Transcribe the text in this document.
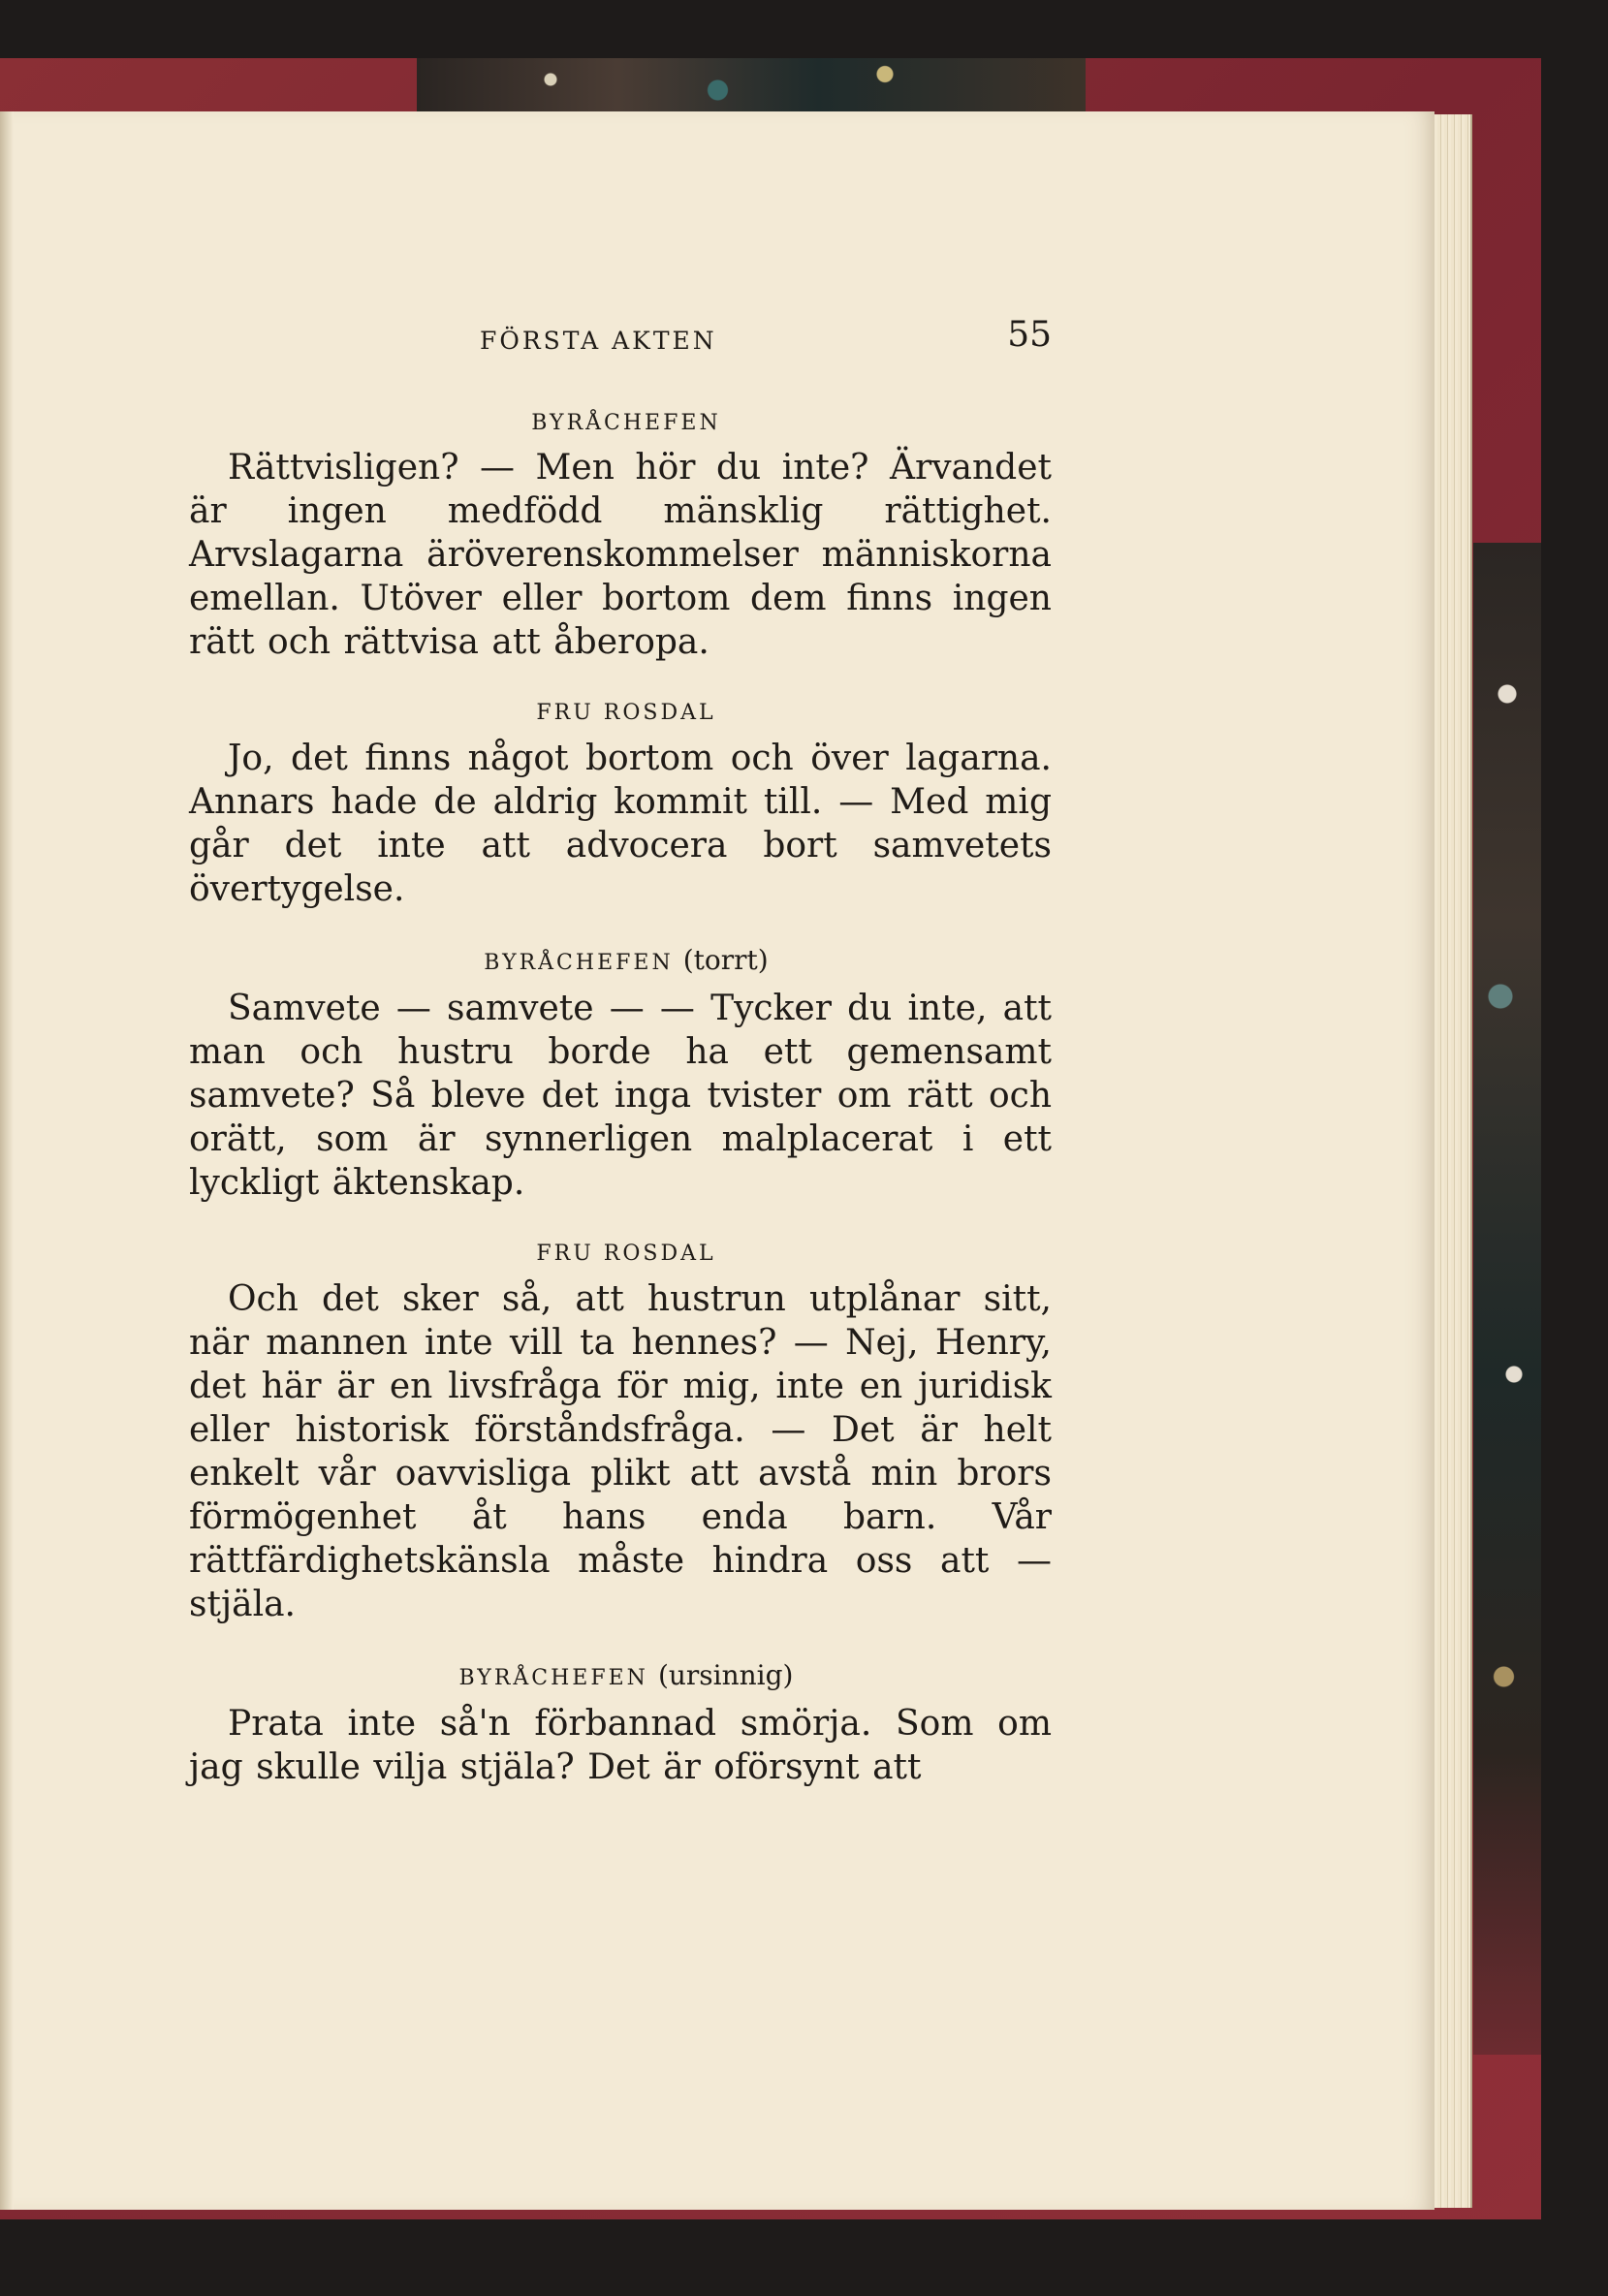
FÖRSTA AKTEN	55

BYRÅCHEFEN

Rättvisligen? — Men hör du inte? Ärvandet är ingen medfödd mänsklig rättighet. Arvslagarna äröverenskommelser människorna emellan. Utöver eller bortom dem finns ingen rätt och rättvisa att åberopa.

FRU ROSDAL

Jo, det finns något bortom och över lagarna. Annars hade de aldrig kommit till. — Med mig går det inte att advocera bort samvetets övertygelse.

BYRÅCHEFEN (torrt)

Samvete — samvete — — Tycker du inte, att man och hustru borde ha ett gemensamt samvete? Så bleve det inga tvister om rätt och orätt, som är synnerligen malplacerat i ett lyckligt äktenskap.

FRU ROSDAL

Och det sker så, att hustrun utplånar sitt, när mannen inte vill ta hennes? — Nej, Henry, det här är en livsfråga för mig, inte en juridisk eller historisk förståndsfråga. — Det är helt enkelt vår oavvisliga plikt att avstå min brors förmögenhet åt hans enda barn. Vår rättfärdighetskänsla måste hindra oss att — stjäla.

BYRÅCHEFEN (ursinnig)

Prata inte så'n förbannad smörja. Som om jag skulle vilja stjäla? Det är oförsynt att
